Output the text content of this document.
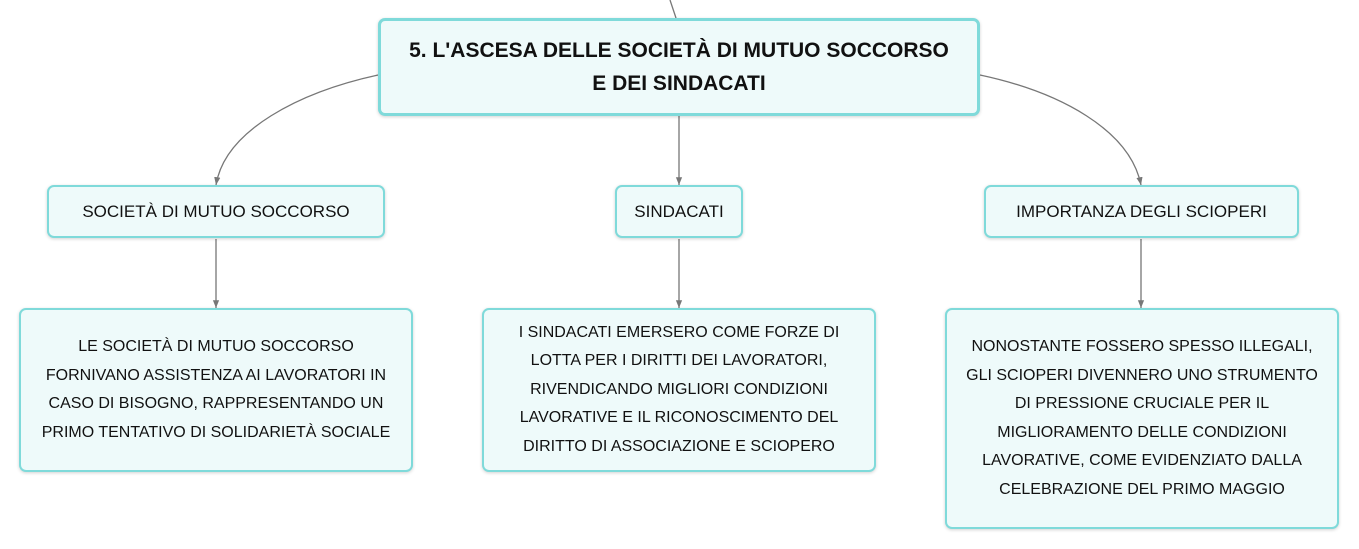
5. L'ASCESA DELLE SOCIETÀ DI MUTUO SOCCORSO
E DEI SINDACATI
SOCIETÀ DI MUTUO SOCCORSO	SINDACATI	IMPORTANZA DEGLI SCIOPERI
LE SOCIETÀ DI MUTUO SOCCORSO
FORNIVANO ASSISTENZA AI LAVORATORI IN
CASO DI BISOGNO, RAPPRESENTANDO UN
PRIMO TENTATIVO DI SOLIDARIETÀ SOCIALE
I SINDACATI EMERSERO COME FORZE DI
LOTTA PER I DIRITTI DEI LAVORATORI,
RIVENDICANDO MIGLIORI CONDIZIONI
LAVORATIVE E IL RICONOSCIMENTO DEL
DIRITTO DI ASSOCIAZIONE E SCIOPERO
NONOSTANTE FOSSERO SPESSO ILLEGALI,
GLI SCIOPERI DIVENNERO UNO STRUMENTO
DI PRESSIONE CRUCIALE PER IL
MIGLIORAMENTO DELLE CONDIZIONI
LAVORATIVE, COME EVIDENZIATO DALLA
CELEBRAZIONE DEL PRIMO MAGGIO
